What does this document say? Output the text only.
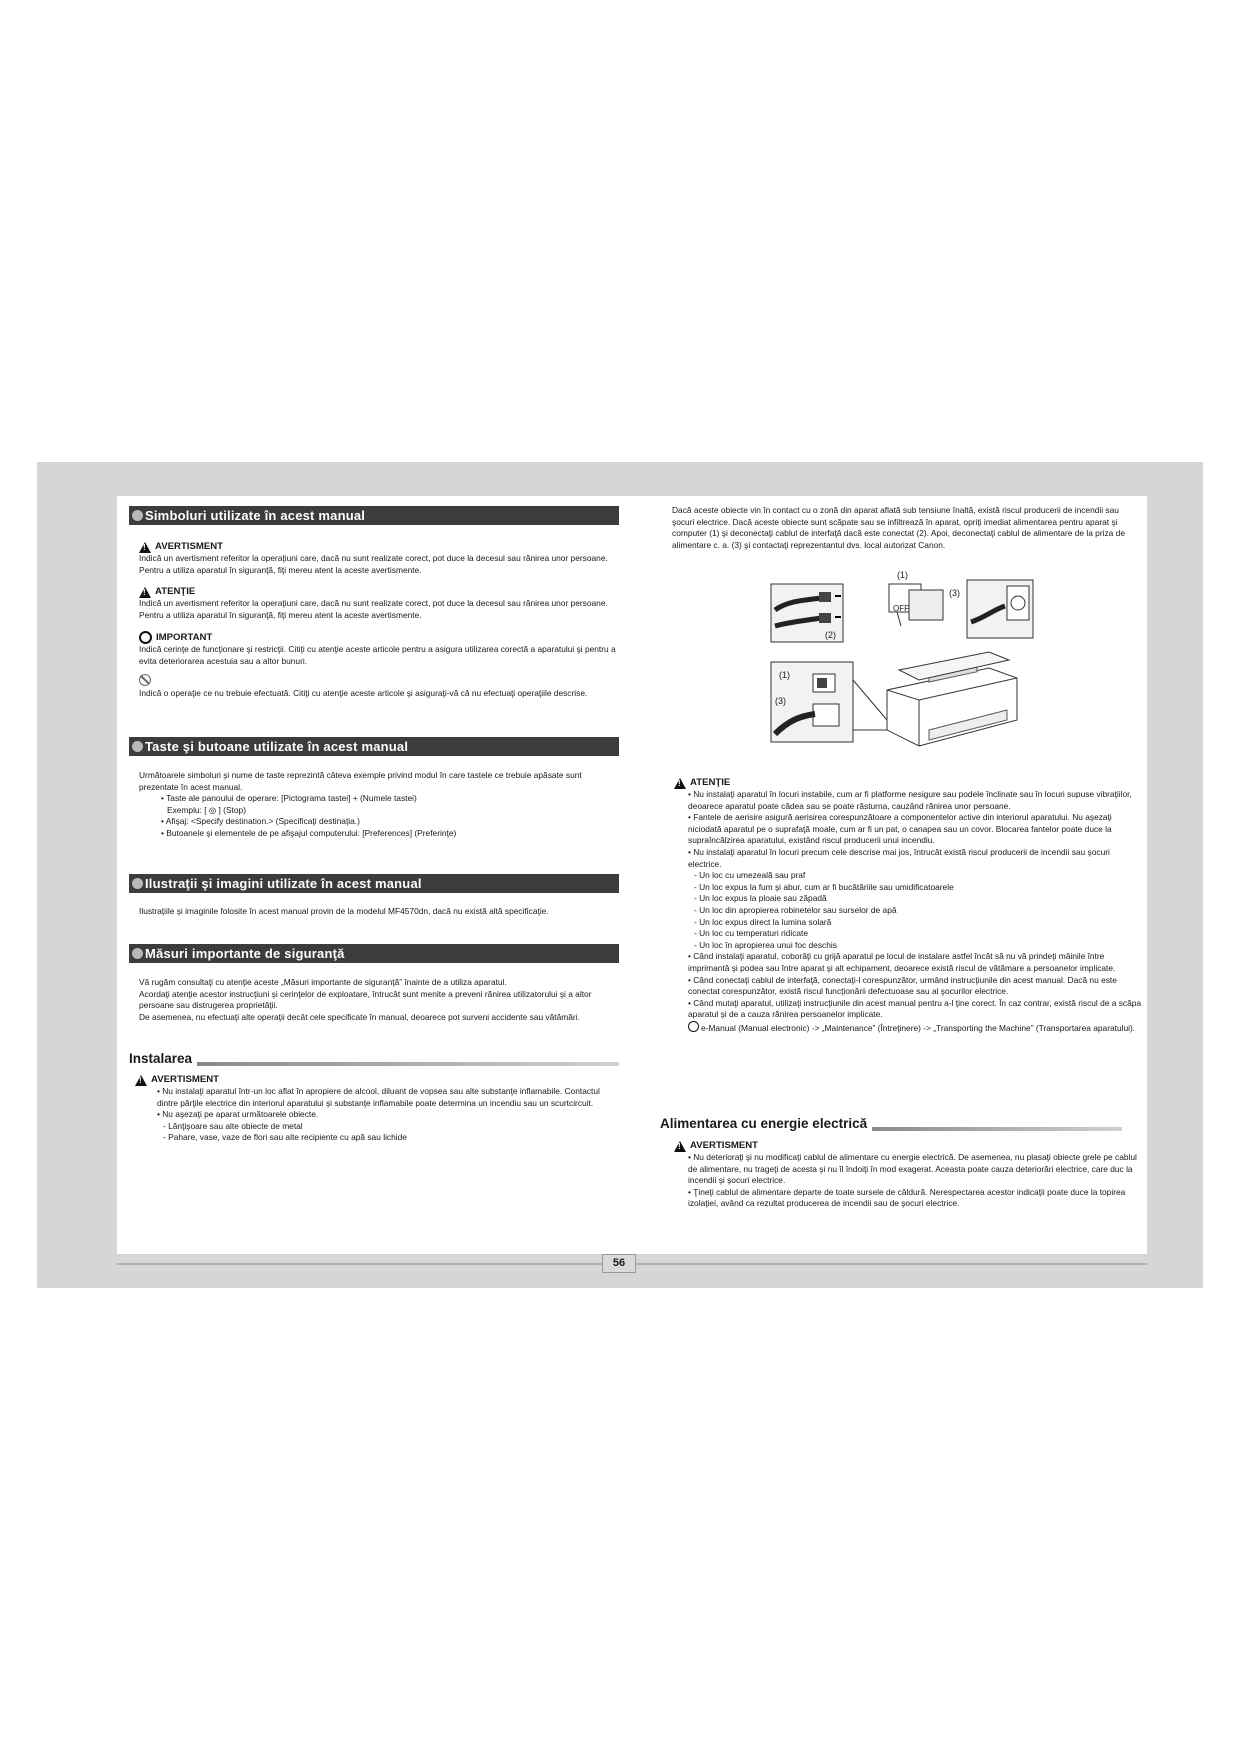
Simboluri utilizate în acest manual
!
AVERTISMENT

Indică un avertisment referitor la operaţiuni care, dacă nu sunt realizate corect, pot duce la decesul sau rănirea unor persoane. Pentru a utiliza aparatul în siguranţă, fiţi mereu atent la aceste avertismente.

!
ATENŢIE

Indică un avertisment referitor la operaţiuni care, dacă nu sunt realizate corect, pot duce la decesul sau rănirea unor persoane. Pentru a utiliza aparatul în siguranţă, fiţi mereu atent la aceste avertismente.

IMPORTANT

Indică cerinţe de funcţionare şi restricţii. Citiţi cu atenţie aceste articole pentru a asigura utilizarea corectă a aparatului şi pentru a evita deteriorarea acestuia sau a altor bunuri.

Indică o operaţie ce nu trebuie efectuată. Citiţi cu atenţie aceste articole şi asiguraţi-vă că nu efectuaţi operaţiile descrise.

Taste şi butoane utilizate în acest manual

Următoarele simboluri şi nume de taste reprezintă câteva exemple privind modul în care tastele ce trebuie apăsate sunt prezentate în acest manual.

• Taste ale panoului de operare: [Pictograma tastei] + (Numele tastei)

Exemplu: [ ◎ ] (Stop)

• Afişaj: <Specify destination.> (Specificaţi destinaţia.)

• Butoanele şi elementele de pe afişajul computerului: [Preferences] (Preferinţe)

Ilustraţii şi imagini utilizate în acest manual

Ilustraţiile şi imaginile folosite în acest manual provin de la modelul MF4570dn, dacă nu există altă specificaţie.

Măsuri importante de siguranţă

Vă rugăm consultaţi cu atenţie aceste „Măsuri importante de siguranţă” înainte de a utiliza aparatul.

Acordaţi atenţie acestor instrucţiuni şi cerinţelor de exploatare, întrucât sunt menite a preveni rănirea utilizatorului şi a altor persoane sau distrugerea proprietăţii.

De asemenea, nu efectuaţi alte operaţii decât cele specificate în manual, deoarece pot surveni accidente sau vătămări.

Instalarea
!
AVERTISMENT

• Nu instalaţi aparatul într-un loc aflat în apropiere de alcool, diluant de vopsea sau alte substanţe inflamabile. Contactul dintre părţile electrice din interiorul aparatului şi substanţe inflamabile poate determina un incendiu sau un scurtcircuit.

• Nu aşezaţi pe aparat următoarele obiecte.

- Lănţişoare sau alte obiecte de metal

- Pahare, vase, vaze de flori sau alte recipiente cu apă sau lichide

Dacă aceste obiecte vin în contact cu o zonă din aparat aflată sub tensiune înaltă, există riscul producerii de incendii sau şocuri electrice. Dacă aceste obiecte sunt scăpate sau se infiltrează în aparat, opriţi imediat alimentarea pentru aparat şi computer (1) şi deconectaţi cablul de interfaţă dacă este conectat (2). Apoi, deconectaţi cablul de alimentare de la priza de alimentare c. a. (3) şi contactaţi reprezentantul dvs. local autorizat Canon.

(1)
(3)
(2)
OFF
(1)
(3)
!
ATENŢIE

• Nu instalaţi aparatul în locuri instabile, cum ar fi platforme nesigure sau podele înclinate sau în locuri supuse vibraţiilor, deoarece aparatul poate cădea sau se poate răsturna, cauzând rănirea unor persoane.

• Fantele de aerisire asigură aerisirea corespunzătoare a componentelor active din interiorul aparatului. Nu aşezaţi niciodată aparatul pe o suprafaţă moale, cum ar fi un pat, o canapea sau un covor. Blocarea fantelor poate duce la supraîncălzirea aparatului, existând riscul producerii unui incendiu.

• Nu instalaţi aparatul în locuri precum cele descrise mai jos, întrucât există riscul producerii de incendii sau şocuri electrice.

- Un loc cu umezeală sau praf

- Un loc expus la fum şi abur, cum ar fi bucătăriile sau umidificatoarele

- Un loc expus la ploaie sau zăpadă

- Un loc din apropierea robinetelor sau surselor de apă

- Un loc expus direct la lumina solară

- Un loc cu temperaturi ridicate

- Un loc în apropierea unui foc deschis

• Când instalaţi aparatul, coborâţi cu grijă aparatul pe locul de instalare astfel încât să nu vă prindeţi mâinile între imprimantă şi podea sau între aparat şi alt echipament, deoarece există riscul de vătămare a persoanelor implicate.

• Când conectaţi cablul de interfaţă, conectaţi-l corespunzător, urmând instrucţiunile din acest manual. Dacă nu este conectat corespunzător, există riscul funcţionării defectuoase sau al şocurilor electrice.

• Când mutaţi aparatul, utilizaţi instrucţiunile din acest manual pentru a-l ţine corect. În caz contrar, există riscul de a scăpa aparatul şi de a cauza rănirea persoanelor implicate.

e-Manual (Manual electronic) -> „Maintenance” (Întreţinere) -> „Transporting the Machine” (Transportarea aparatului).

Alimentarea cu energie electrică
!
AVERTISMENT

• Nu deterioraţi şi nu modificaţi cablul de alimentare cu energie electrică. De asemenea, nu plasaţi obiecte grele pe cablul de alimentare, nu trageţi de acesta şi nu îl îndoiţi în mod exagerat. Aceasta poate cauza deteriorări electrice, care duc la incendii şi şocuri electrice.

• Ţineţi cablul de alimentare departe de toate sursele de căldură. Nerespectarea acestor indicaţii poate duce la topirea izolaţiei, având ca rezultat producerea de incendii sau de şocuri electrice.

56
